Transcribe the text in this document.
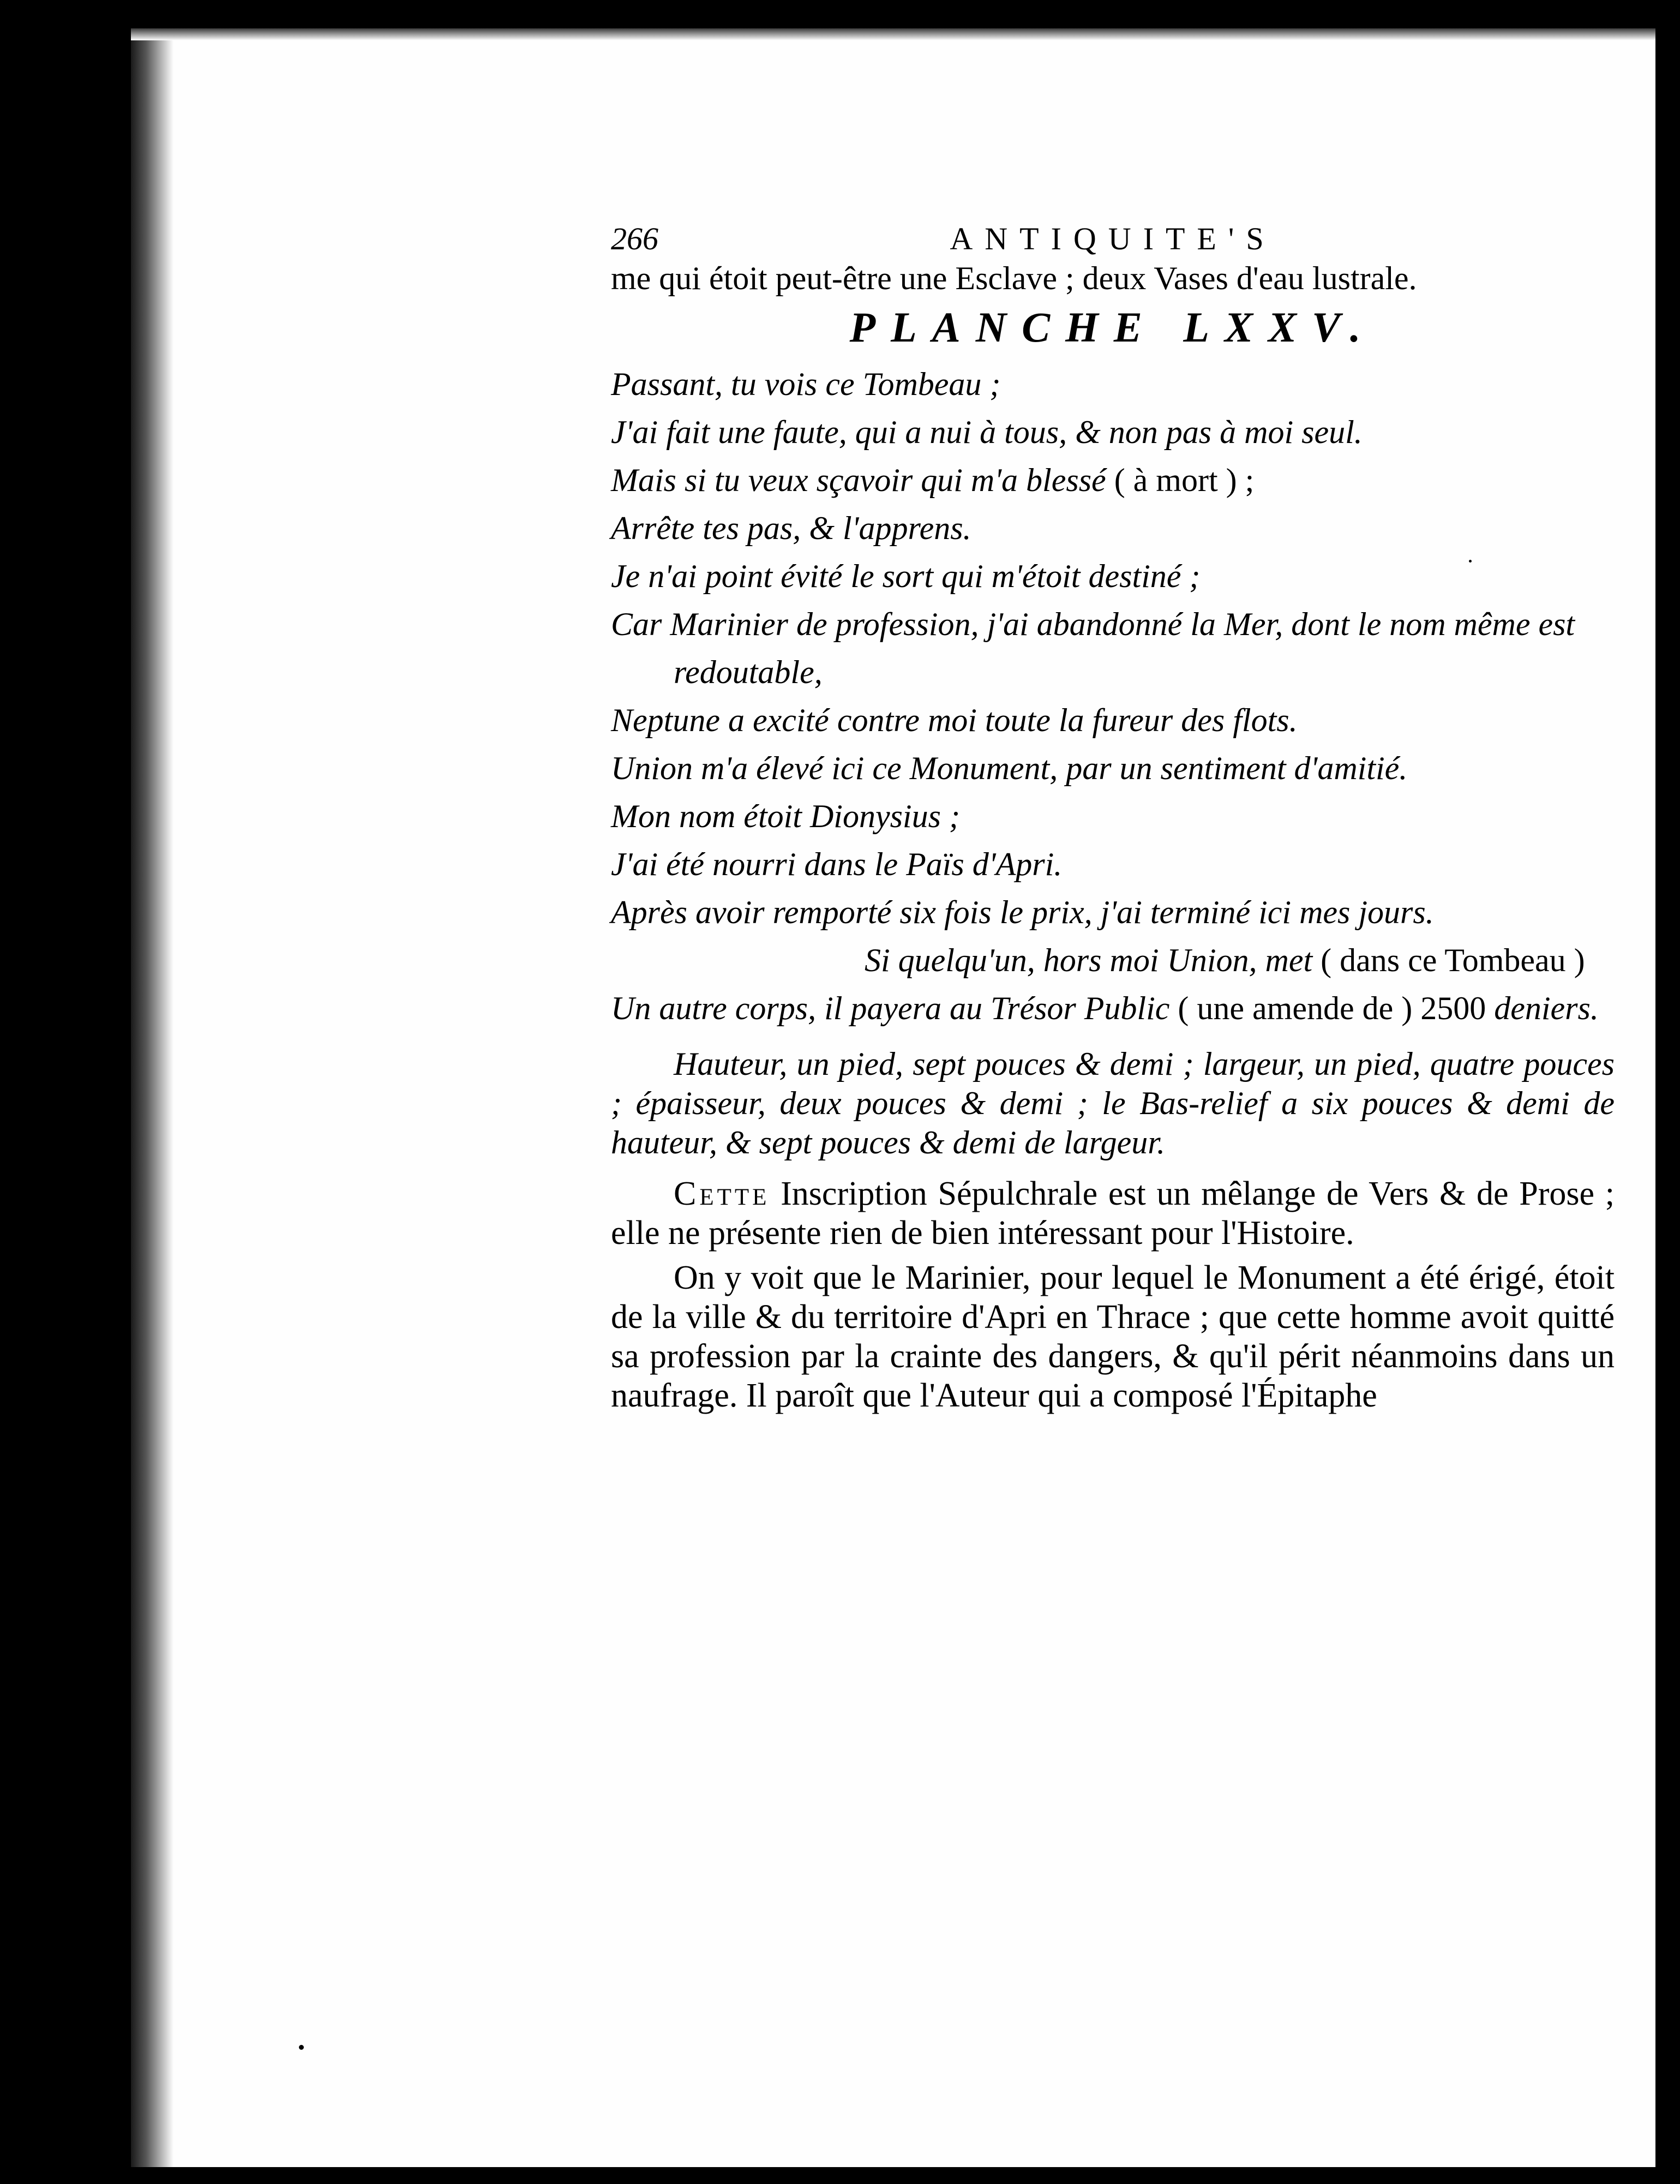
266	ANTIQUITE'S

me qui étoit peut-être une Esclave ; deux Vases d'eau lustrale.

PLANCHE LXXV.
Passant, tu vois ce Tombeau ;
J'ai fait une faute, qui a nui à tous, & non pas à moi seul.
Mais si tu veux sçavoir qui m'a blessé ( à mort ) ;
Arrête tes pas, & l'apprens.
Je n'ai point évité le sort qui m'étoit destiné ;
Car Marinier de profession, j'ai abandonné la Mer, dont le nom même est redoutable,
Neptune a excité contre moi toute la fureur des flots.
Union m'a élevé ici ce Monument, par un sentiment d'amitié.
Mon nom étoit Dionysius ;
J'ai été nourri dans le Païs d'Apri.
Après avoir remporté six fois le prix, j'ai terminé ici mes jours.
Si quelqu'un, hors moi Union, met ( dans ce Tombeau )
Un autre corps, il payera au Trésor Public ( une amende de ) 2500 deniers.

Hauteur, un pied, sept pouces & demi ; largeur, un pied, quatre pouces ; épaisseur, deux pouces & demi ; le Bas-relief a six pouces & demi de hauteur, & sept pouces & demi de largeur.

Cette Inscription Sépulchrale est un mêlange de Vers & de Prose ; elle ne présente rien de bien intéressant pour l'Histoire.

On y voit que le Marinier, pour lequel le Monument a été érigé, étoit de la ville & du territoire d'Apri en Thrace ; que cette homme avoit quitté sa profession par la crainte des dangers, & qu'il périt néanmoins dans un naufrage. Il paroît que l'Auteur qui a composé l'Épitaphe
